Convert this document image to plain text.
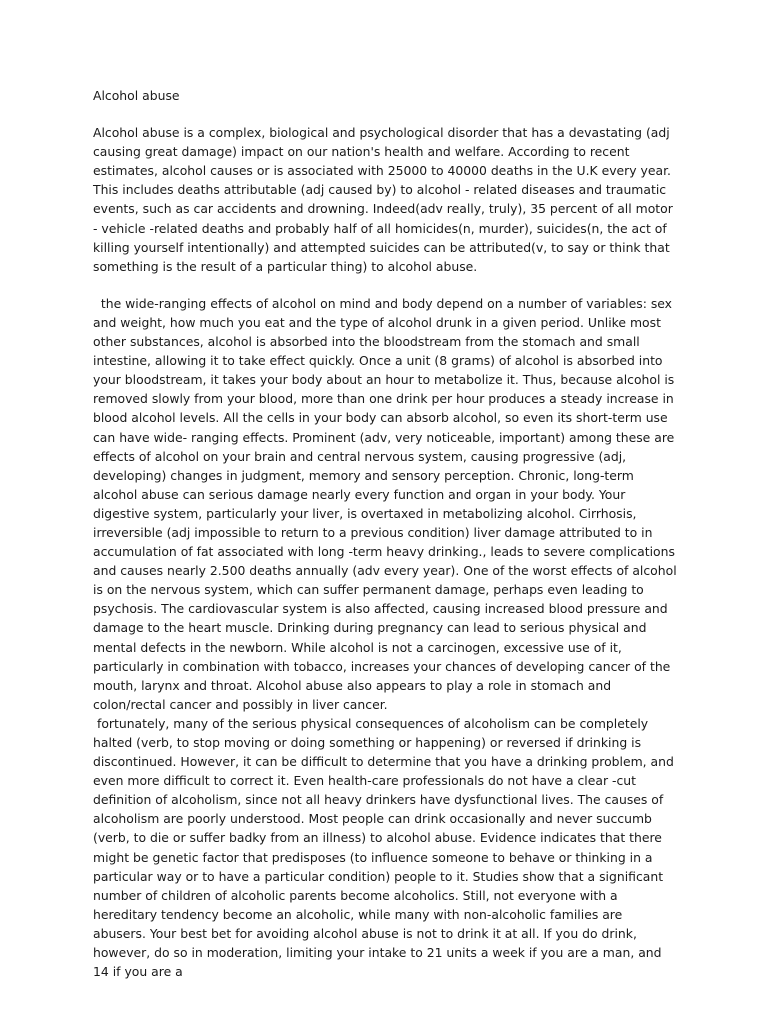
Alcohol abuse
Alcohol abuse is a complex, biological and psychological disorder that has a devastating (adj causing great damage) impact on our nation's health and welfare. According to recent estimates, alcohol causes or is associated with 25000 to 40000 deaths in the U.K every year. This includes deaths attributable (adj caused by) to alcohol - related diseases and traumatic events, such as car accidents and drowning. Indeed(adv really, truly), 35 percent of all motor - vehicle -related deaths and probably half of all homicides(n, murder), suicides(n, the act of killing yourself intentionally) and attempted suicides can be attributed(v, to say or think that something is the result of a particular thing) to alcohol abuse.
the wide-ranging effects of alcohol on mind and body depend on a number of variables: sex and weight, how much you eat and the type of alcohol drunk in a given period. Unlike most other substances, alcohol is absorbed into the bloodstream from the stomach and small intestine, allowing it to take effect quickly. Once a unit (8 grams) of alcohol is absorbed into your bloodstream, it takes your body about an hour to metabolize it. Thus, because alcohol is removed slowly from your blood, more than one drink per hour produces a steady increase in blood alcohol levels. All the cells in your body can absorb alcohol, so even its short-term use can have wide- ranging effects. Prominent (adv, very noticeable, important) among these are effects of alcohol on your brain and central nervous system, causing progressive (adj, developing) changes in judgment, memory and sensory perception. Chronic, long-term alcohol abuse can serious damage nearly every function and organ in your body. Your digestive system, particularly your liver, is overtaxed in metabolizing alcohol. Cirrhosis, irreversible (adj impossible to return to a previous condition) liver damage attributed to in accumulation of fat associated with long -term heavy drinking., leads to severe complications and causes nearly 2.500 deaths annually (adv every year). One of the worst effects of alcohol is on the nervous system, which can suffer permanent damage, perhaps even leading to psychosis. The cardiovascular system is also affected, causing increased blood pressure and damage to the heart muscle. Drinking during pregnancy can lead to serious physical and mental defects in the newborn. While alcohol is not a carcinogen, excessive use of it, particularly in combination with tobacco, increases your chances of developing cancer of the mouth, larynx and throat. Alcohol abuse also appears to play a role in stomach and colon/rectal cancer and possibly in liver cancer.
fortunately, many of the serious physical consequences of alcoholism can be completely halted (verb, to stop moving or doing something or happening) or reversed if drinking is discontinued. However, it can be difficult to determine that you have a drinking problem, and even more difficult to correct it. Even health-care professionals do not have a clear -cut definition of alcoholism, since not all heavy drinkers have dysfunctional lives. The causes of alcoholism are poorly understood. Most people can drink occasionally and never succumb (verb, to die or suffer badky from an illness) to alcohol abuse. Evidence indicates that there might be genetic factor that predisposes (to influence someone to behave or thinking in a particular way or to have a particular condition) people to it. Studies show that a significant number of children of alcoholic parents become alcoholics. Still, not everyone with a hereditary tendency become an alcoholic, while many with non-alcoholic families are abusers. Your best bet for avoiding alcohol abuse is not to drink it at all. If you do drink, however, do so in moderation, limiting your intake to 21 units a week if you are a man, and 14 if you are a
